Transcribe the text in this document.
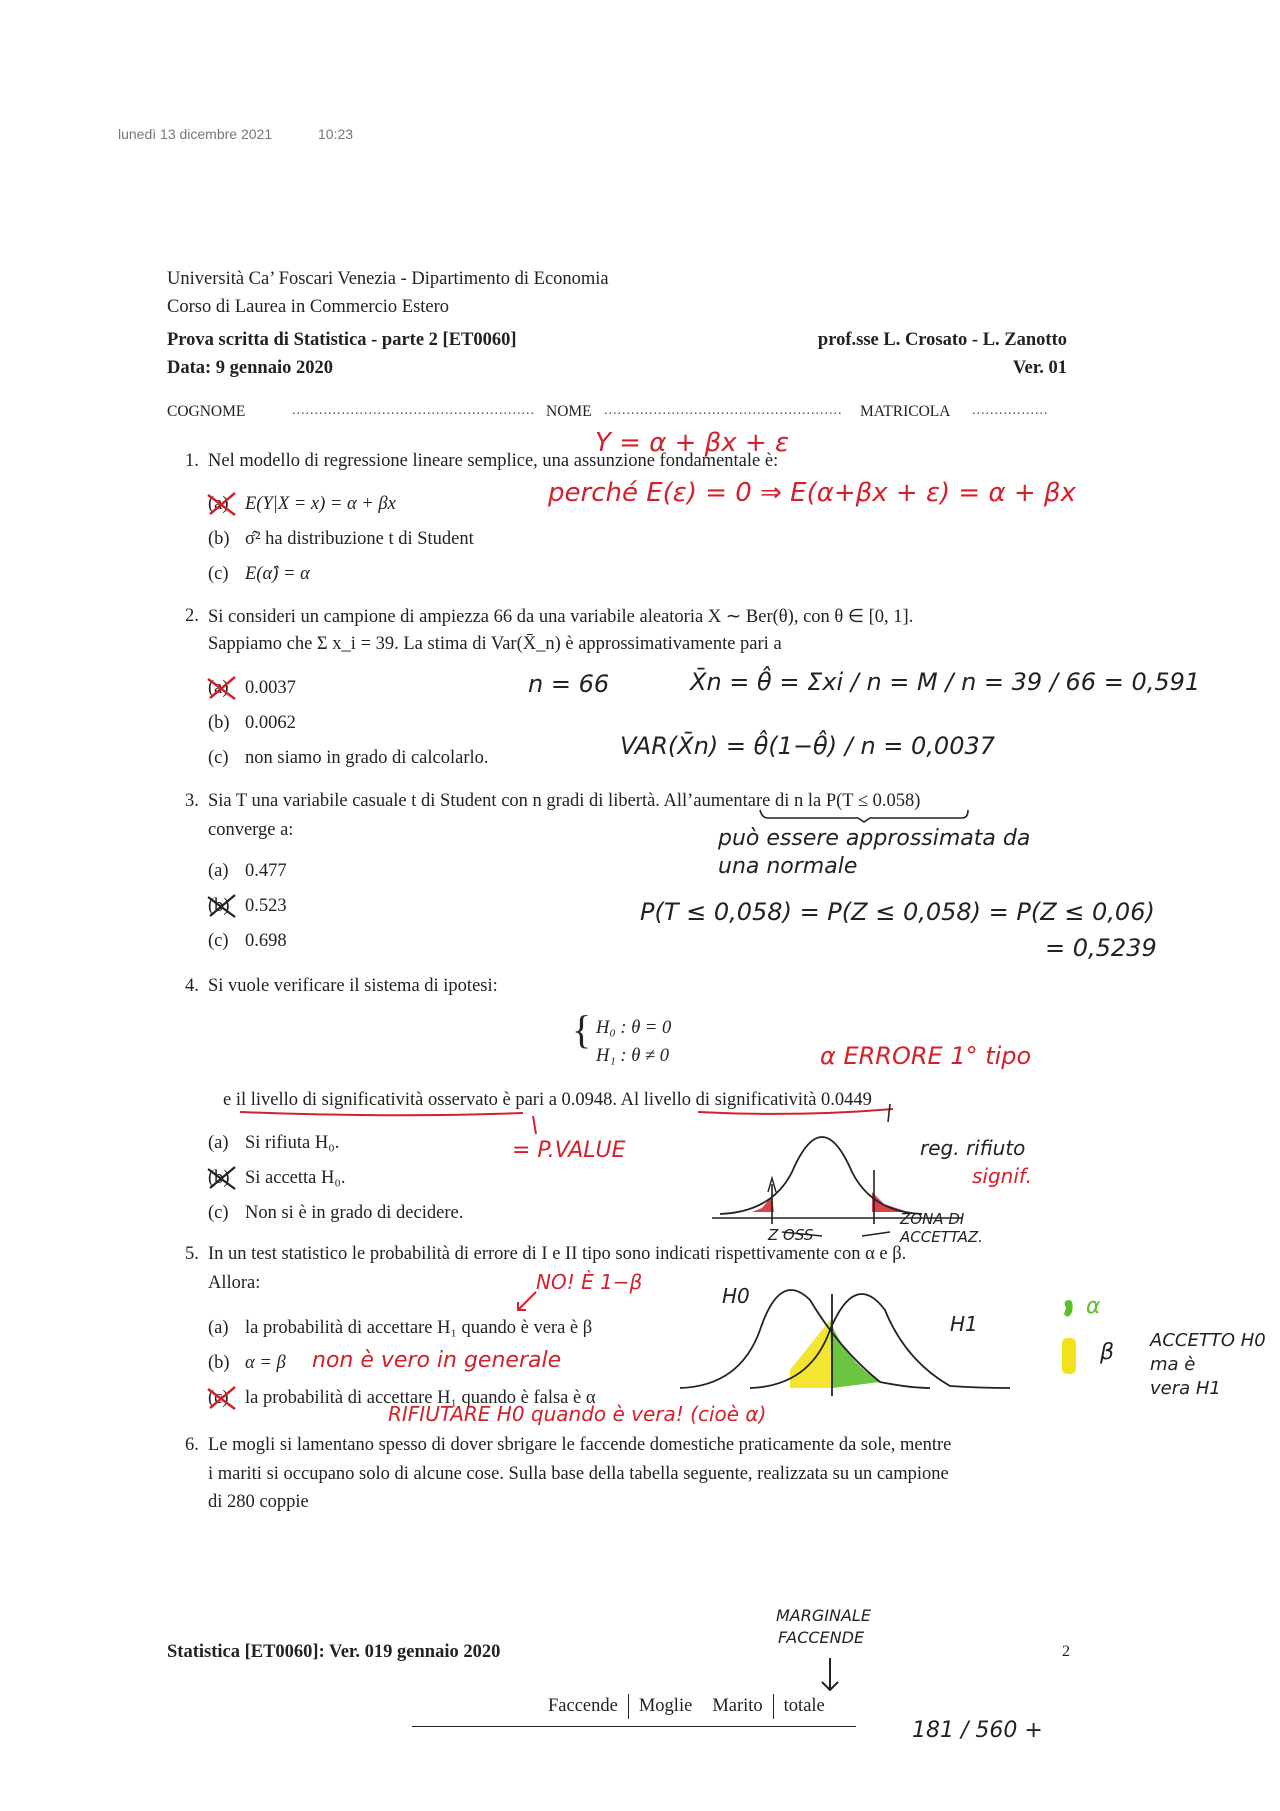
lunedì 13 dicembre 2021	10:23
Università Ca’ Foscari Venezia - Dipartimento di Economia
Corso di Laurea in Commercio Estero
Prova scritta di Statistica - parte 2 [ET0060]	prof.sse L. Crosato - L. Zanotto
Data: 9 gennaio 2020	Ver. 01
COGNOME	...................................................... NOME ..................................................... MATRICOLA .................
Y = α + βx + ε
1. Nel modello di regressione lineare semplice, una assunzione fondamentale è:
(a) E(Y|X = x) = α + βx
(b) σ̂² ha distribuzione t di Student
(c) E(α̂) = α
perché E(ε) = 0 ⇒ E(α+βx + ε) = α + βx
2. Si consideri un campione di ampiezza 66 da una variabile aleatoria X ∼ Ber(θ), con θ ∈ [0, 1].
Sappiamo che Σ x_i = 39. La stima di Var(X̄_n) è approssimativamente pari a
(a) 0.0037
(b) 0.0062
(c) non siamo in grado di calcolarlo.
n = 66	X̄n = θ̂ = Σxi / n = M / n = 39 / 66 = 0,591
VAR(X̄n) = θ̂(1−θ̂) / n = 0,0037
3. Sia T una variabile casuale t di Student con n gradi di libertà. All’aumentare di n la P(T ≤ 0.058)
converge a:	può essere approssimata da
una normale
(a) 0.477
(b) 0.523
(c) 0.698
P(T ≤ 0,058) = P(Z ≤ 0,058) = P(Z ≤ 0,06)
= 0,5239
4. Si vuole verificare il sistema di ipotesi:
{ H₀ : θ = 0
H₁ : θ ≠ 0	α ERRORE 1° tipo
e il livello di significatività osservato è pari a 0.0948. Al livello di significatività 0.0449
= P.VALUE
(a) Si rifiuta H₀.
(b) Si accetta H₀.
(c) Non si è in grado di decidere.
reg. rifiuto
signif.
Z OSS
ZONA DI
ACCETTAZ.
5. In un test statistico le probabilità di errore di I e II tipo sono indicati rispettivamente con α e β.
Allora:	NO! È 1−β
(a) la probabilità di accettare H₁ quando è vera è β
(b) α = β non è vero in generale
(c) la probabilità di accettare H₁ quando è falsa è α
RIFIUTARE H0 quando è vera! (cioè α)
H0
H1
α
β ACCETTO H0
ma è
vera H1
6. Le mogli si lamentano spesso di dover sbrigare le faccende domestiche praticamente da sole, mentre
i mariti si occupano solo di alcune cose. Sulla base della tabella seguente, realizzata su un campione
di 280 coppie
Statistica [ET0060]: Ver. 019 gennaio 2020	2
MARGINALE
FACCENDE
Faccende	Moglie	Marito	totale
181 / 560 +
